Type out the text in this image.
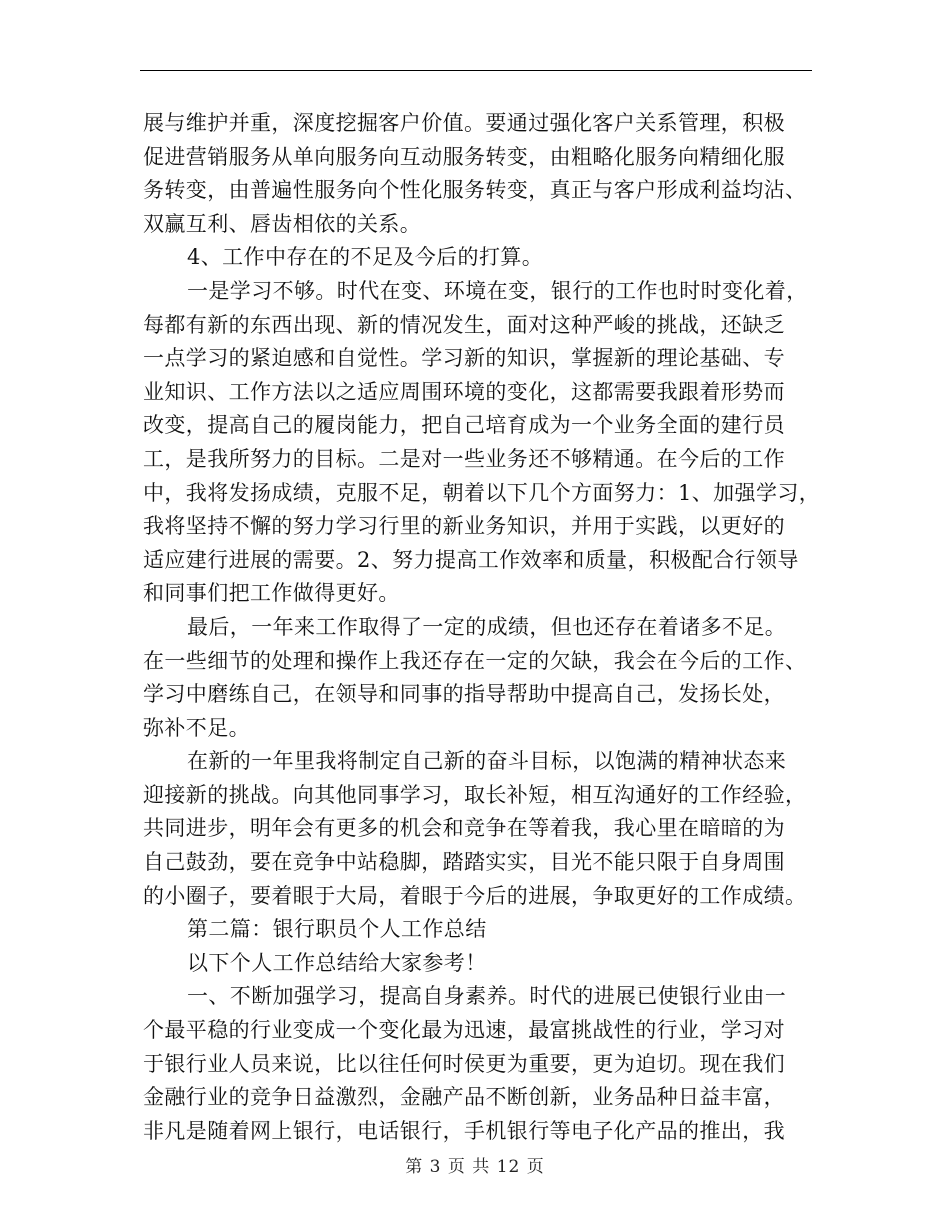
展与维护并重，深度挖掘客户价值。要通过强化客户关系管理，积极
促进营销服务从单向服务向互动服务转变，由粗略化服务向精细化服
务转变，由普遍性服务向个性化服务转变，真正与客户形成利益均沾、
双赢互利、唇齿相依的关系。
4、工作中存在的不足及今后的打算。
一是学习不够。时代在变、环境在变，银行的工作也时时变化着，
每都有新的东西出现、新的情况发生，面对这种严峻的挑战，还缺乏
一点学习的紧迫感和自觉性。学习新的知识，掌握新的理论基础、专
业知识、工作方法以之适应周围环境的变化，这都需要我跟着形势而
改变，提高自己的履岗能力，把自己培育成为一个业务全面的建行员
工，是我所努力的目标。二是对一些业务还不够精通。在今后的工作
中，我将发扬成绩，克服不足，朝着以下几个方面努力：1、加强学习，
我将坚持不懈的努力学习行里的新业务知识，并用于实践，以更好的
适应建行进展的需要。2、努力提高工作效率和质量，积极配合行领导
和同事们把工作做得更好。
最后，一年来工作取得了一定的成绩，但也还存在着诸多不足。
在一些细节的处理和操作上我还存在一定的欠缺，我会在今后的工作、
学习中磨练自己，在领导和同事的指导帮助中提高自己，发扬长处，
弥补不足。
在新的一年里我将制定自己新的奋斗目标，以饱满的精神状态来
迎接新的挑战。向其他同事学习，取长补短，相互沟通好的工作经验，
共同进步，明年会有更多的机会和竞争在等着我，我心里在暗暗的为
自己鼓劲，要在竞争中站稳脚，踏踏实实，目光不能只限于自身周围
的小圈子，要着眼于大局，着眼于今后的进展，争取更好的工作成绩。
第二篇：银行职员个人工作总结
以下个人工作总结给大家参考！
一、不断加强学习，提高自身素养。时代的进展已使银行业由一
个最平稳的行业变成一个变化最为迅速，最富挑战性的行业，学习对
于银行业人员来说，比以往任何时侯更为重要，更为迫切。现在我们
金融行业的竞争日益激烈，金融产品不断创新，业务品种日益丰富，
非凡是随着网上银行，电话银行，手机银行等电子化产品的推出，我
第 3 页 共 12 页
